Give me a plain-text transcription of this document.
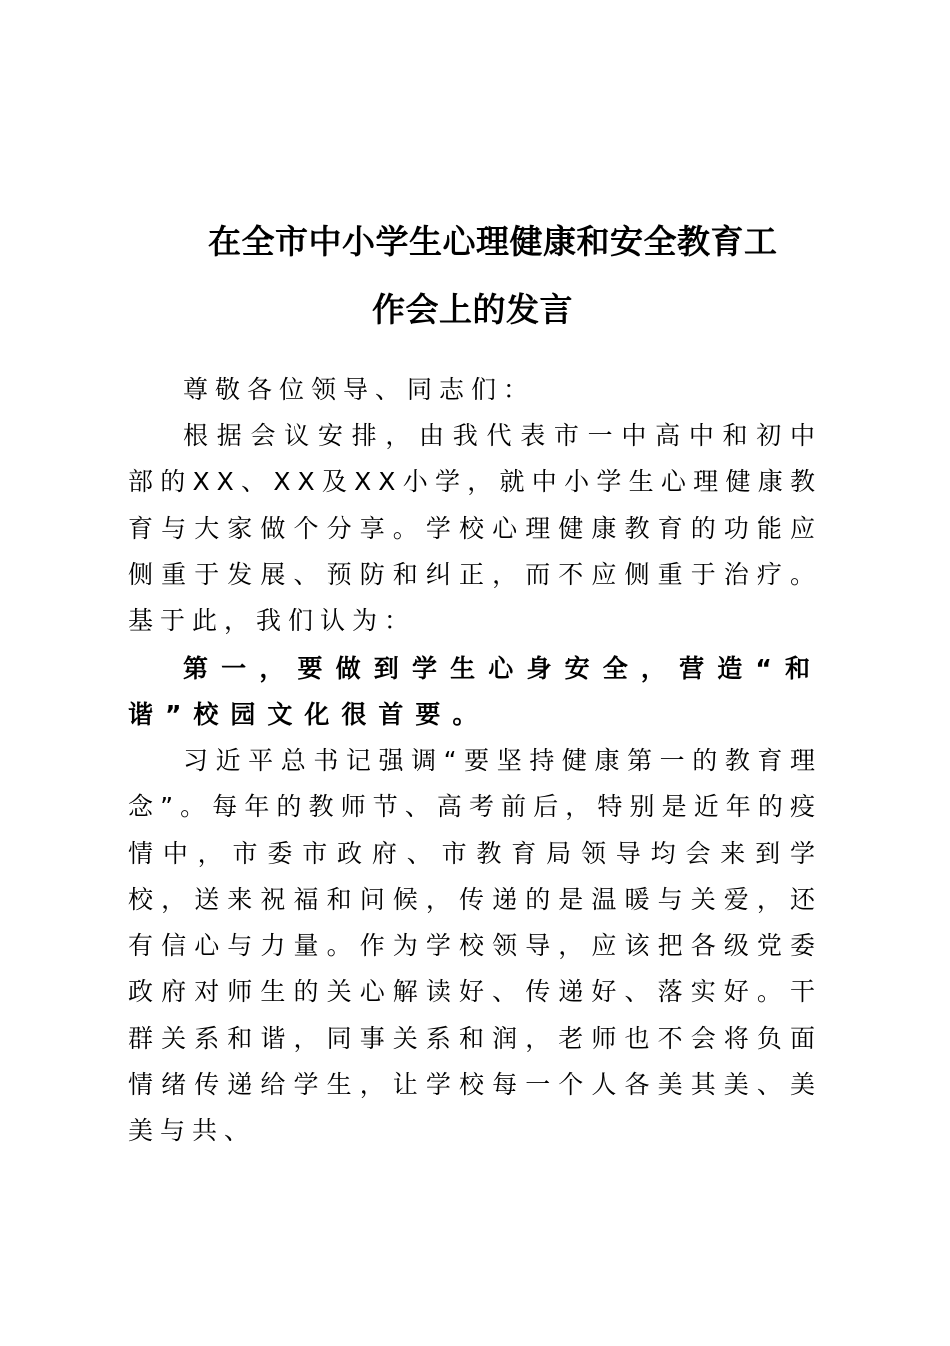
在全市中小学生心理健康和安全教育工
作会上的发言
尊敬各位领导、同志们：
根据会议安排，由我代表市一中高中和初中部的XX、XX及XX小学，就中小学生心理健康教育与大家做个分享。学校心理健康教育的功能应侧重于发展、预防和纠正，而不应侧重于治疗。基于此，我们认为：
第一，要做到学生心身安全，营造“和谐”校园文化很首要。
习近平总书记强调“要坚持健康第一的教育理念”。每年的教师节、高考前后，特别是近年的疫情中，市委市政府、市教育局领导均会来到学校，送来祝福和问候，传递的是温暖与关爱，还有信心与力量。作为学校领导，应该把各级党委政府对师生的关心解读好、传递好、落实好。干群关系和谐，同事关系和润，老师也不会将负面情绪传递给学生，让学校每一个人各美其美、美美与共、
